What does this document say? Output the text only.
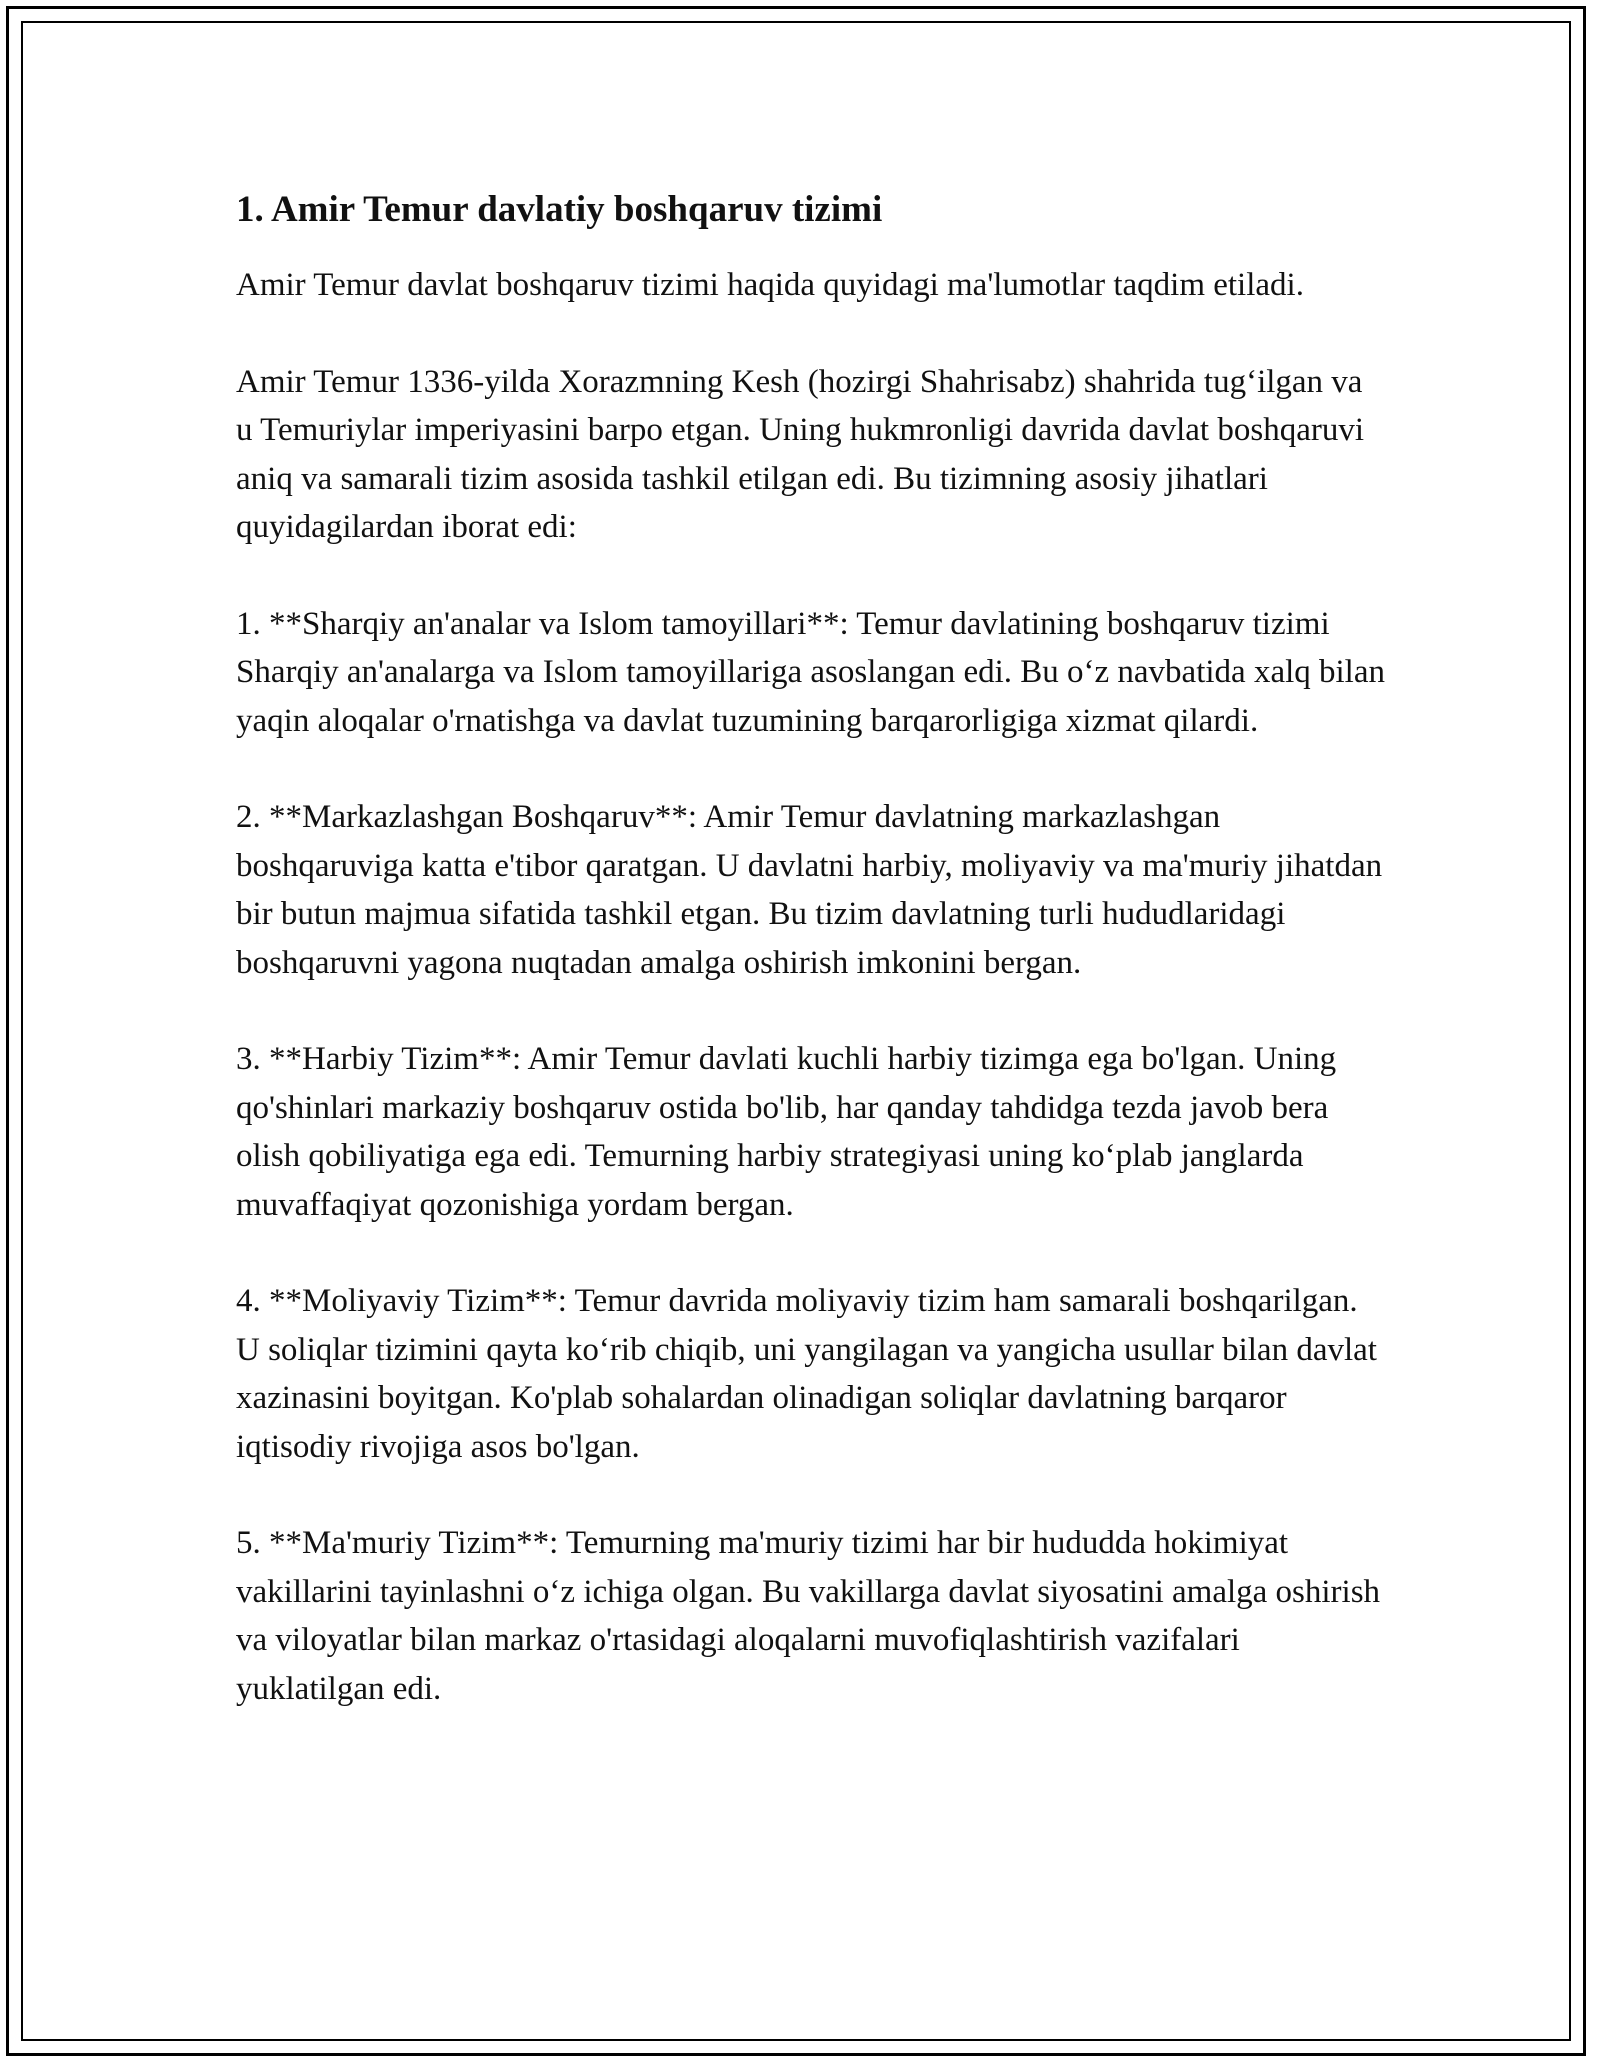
1. Amir Temur davlatiy boshqaruv tizimi

Amir Temur davlat boshqaruv tizimi haqida quyidagi ma'lumotlar taqdim etiladi.

Amir Temur 1336-yilda Xorazmning Kesh (hozirgi Shahrisabz) shahrida tug‘ilgan va u Temuriylar imperiyasini barpo etgan. Uning hukmronligi davrida davlat boshqaruvi aniq va samarali tizim asosida tashkil etilgan edi. Bu tizimning asosiy jihatlari quyidagilardan iborat edi:

1. **Sharqiy an'analar va Islom tamoyillari**: Temur davlatining boshqaruv tizimi Sharqiy an'analarga va Islom tamoyillariga asoslangan edi. Bu o‘z navbatida xalq bilan yaqin aloqalar o'rnatishga va davlat tuzumining barqarorligiga xizmat qilardi.

2. **Markazlashgan Boshqaruv**: Amir Temur davlatning markazlashgan boshqaruviga katta e'tibor qaratgan. U davlatni harbiy, moliyaviy va ma'muriy jihatdan bir butun majmua sifatida tashkil etgan. Bu tizim davlatning turli hududlaridagi boshqaruvni yagona nuqtadan amalga oshirish imkonini bergan.

3. **Harbiy Tizim**: Amir Temur davlati kuchli harbiy tizimga ega bo'lgan. Uning qo'shinlari markaziy boshqaruv ostida bo'lib, har qanday tahdidga tezda javob bera olish qobiliyatiga ega edi. Temurning harbiy strategiyasi uning ko‘plab janglarda muvaffaqiyat qozonishiga yordam bergan.

4. **Moliyaviy Tizim**: Temur davrida moliyaviy tizim ham samarali boshqarilgan. U soliqlar tizimini qayta ko‘rib chiqib, uni yangilagan va yangicha usullar bilan davlat xazinasini boyitgan. Ko'plab sohalardan olinadigan soliqlar davlatning barqaror iqtisodiy rivojiga asos bo'lgan.

5. **Ma'muriy Tizim**: Temurning ma'muriy tizimi har bir hududda hokimiyat vakillarini tayinlashni o‘z ichiga olgan. Bu vakillarga davlat siyosatini amalga oshirish va viloyatlar bilan markaz o'rtasidagi aloqalarni muvofiqlashtirish vazifalari yuklatilgan edi.
